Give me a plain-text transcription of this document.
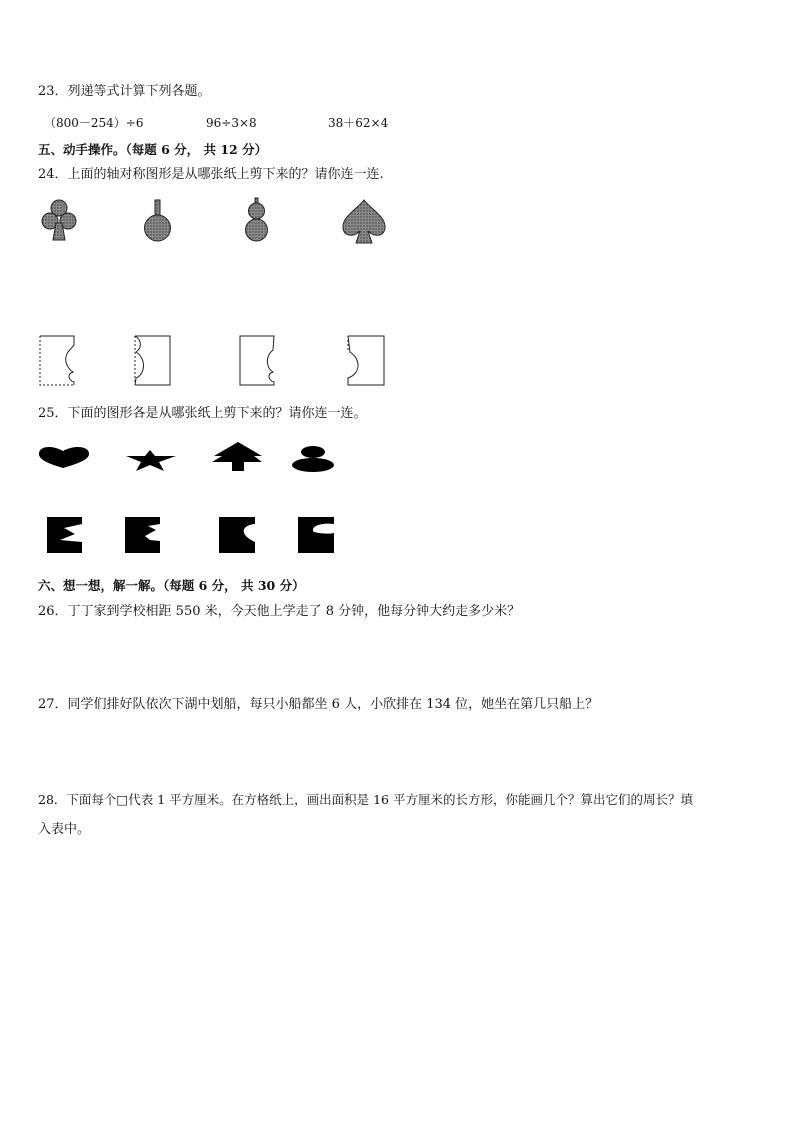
23．列递等式计算下列各题。
（800－254）÷6	96÷3×8	38＋62×4
五、动手操作。（每题 6 分， 共 12 分）
24．上面的轴对称图形是从哪张纸上剪下来的？请你连一连.
25．下面的图形各是从哪张纸上剪下来的？请你连一连。
六、想一想，解一解。（每题 6 分， 共 30 分）
26．丁丁家到学校相距 550 米，今天他上学走了 8 分钟，他每分钟大约走多少米？
27．同学们排好队依次下湖中划船，每只小船都坐 6 人，小欣排在 134 位，她坐在第几只船上？
28．下面每个□代表 1 平方厘米。在方格纸上，画出面积是 16 平方厘米的长方形，你能画几个？算出它们的周长？填
入表中。
